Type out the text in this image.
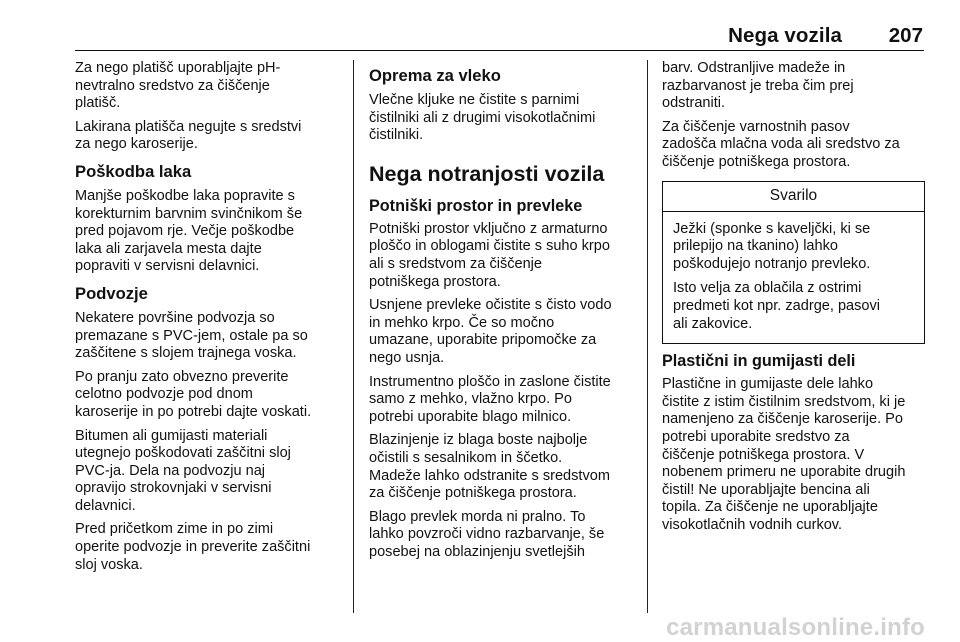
Nega vozila 207

Za nego platišč uporabljajte pH-
nevtralno sredstvo za čiščenje
platišč.

Lakirana platišča negujte s sredstvi
za nego karoserije.

Poškodba laka

Manjše poškodbe laka popravite s
korekturnim barvnim svinčnikom še
pred pojavom rje. Večje poškodbe
laka ali zarjavela mesta dajte
popraviti v servisni delavnici.

Podvozje

Nekatere površine podvozja so
premazane s PVC-jem, ostale pa so
zaščitene s slojem trajnega voska.

Po pranju zato obvezno preverite
celotno podvozje pod dnom
karoserije in po potrebi dajte voskati.

Bitumen ali gumijasti materiali
utegnejo poškodovati zaščitni sloj
PVC-ja. Dela na podvozju naj
opravijo strokovnjaki v servisni
delavnici.

Pred pričetkom zime in po zimi
operite podvozje in preverite zaščitni
sloj voska.

Oprema za vleko

Vlečne kljuke ne čistite s parnimi
čistilniki ali z drugimi visokotlačnimi
čistilniki.

Nega notranjosti vozila
Potniški prostor in prevleke

Potniški prostor vključno z armaturno
ploščo in oblogami čistite s suho krpo
ali s sredstvom za čiščenje
potniškega prostora.

Usnjene prevleke očistite s čisto vodo
in mehko krpo. Če so močno
umazane, uporabite pripomočke za
nego usnja.

Instrumentno ploščo in zaslone čistite
samo z mehko, vlažno krpo. Po
potrebi uporabite blago milnico.

Blazinjenje iz blaga boste najbolje
očistili s sesalnikom in ščetko.
Madeže lahko odstranite s sredstvom
za čiščenje potniškega prostora.

Blago prevlek morda ni pralno. To
lahko povzroči vidno razbarvanje, še
posebej na oblazinjenju svetlejših

barv. Odstranljive madeže in
razbarvanost je treba čim prej
odstraniti.

Za čiščenje varnostnih pasov
zadošča mlačna voda ali sredstvo za
čiščenje potniškega prostora.

Svarilo

Ježki (sponke s kaveljčki, ki se
prilepijo na tkanino) lahko
poškodujejo notranjo prevleko.

Isto velja za oblačila z ostrimi
predmeti kot npr. zadrge, pasovi
ali zakovice.

Plastični in gumijasti deli

Plastične in gumijaste dele lahko
čistite z istim čistilnim sredstvom, ki je
namenjeno za čiščenje karoserije. Po
potrebi uporabite sredstvo za
čiščenje potniškega prostora. V
nobenem primeru ne uporabite drugih
čistil! Ne uporabljajte bencina ali
topila. Za čiščenje ne uporabljajte
visokotlačnih vodnih curkov.

carmanualsonline.info
